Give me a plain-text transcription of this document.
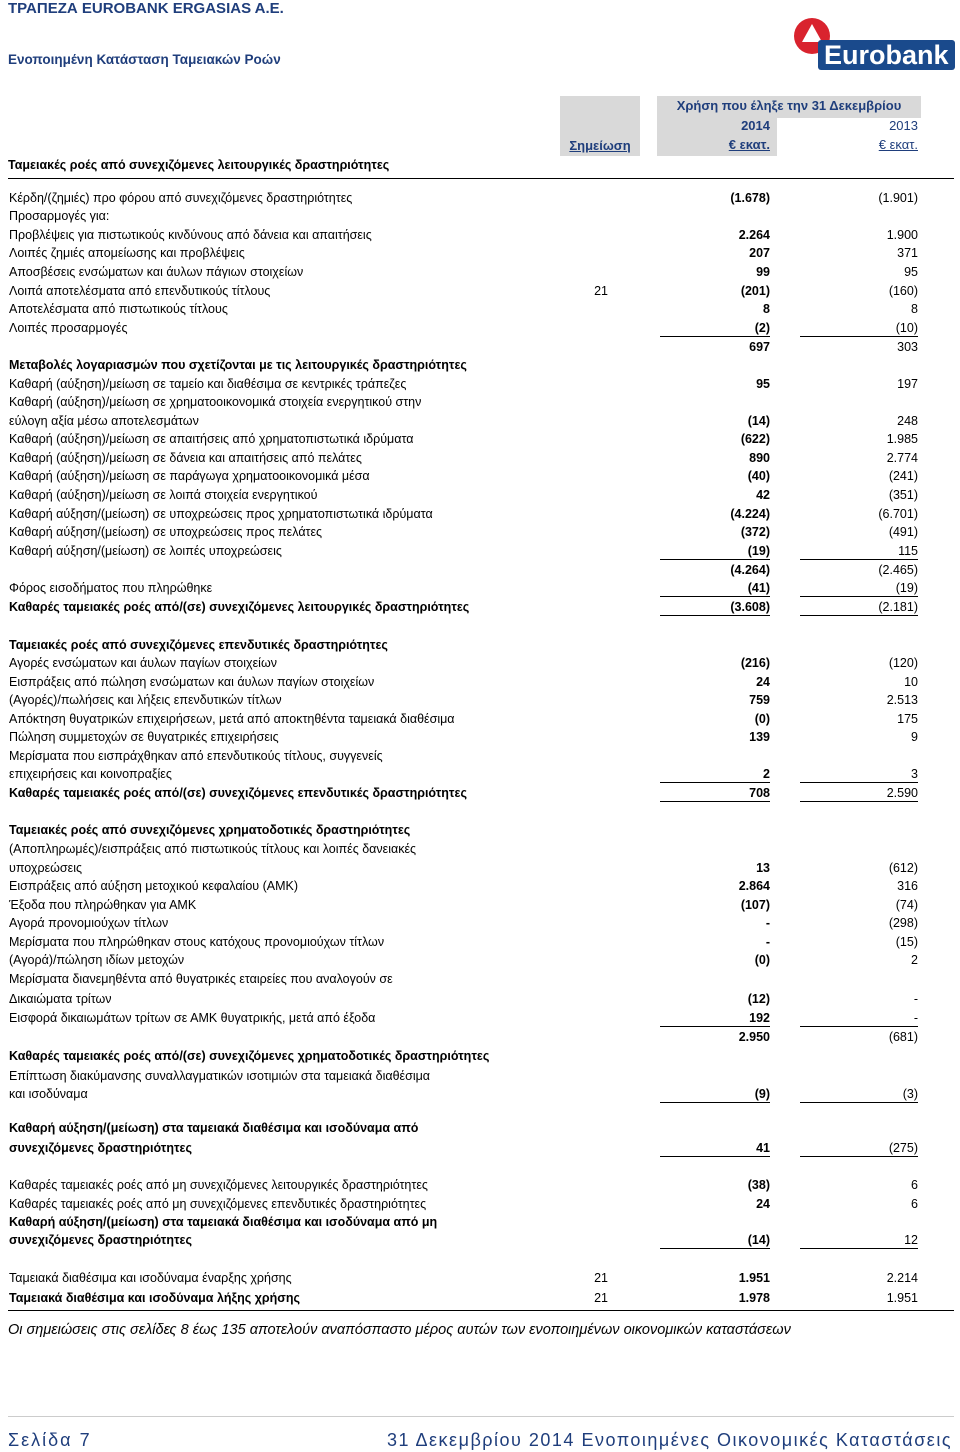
ΤΡΑΠΕΖΑ EUROBANK ERGASIAS A.E.
Ενοποιημένη Κατάσταση Ταμειακών Ροών	Eurobank
Χρήση που έληξε την 31 Δεκεμβρίου
Σημείωση
2014	2013
€ εκατ.	€ εκατ.
Ταμειακές ροές από συνεχιζόμενες λειτουργικές δραστηριότητες
Κέρδη/(ζημιές) προ φόρου από συνεχιζόμενες δραστηριότητες	(1.678)	(1.901)
Προσαρμογές για:
Προβλέψεις για πιστωτικούς κινδύνους από δάνεια και απαιτήσεις	2.264	1.900
Λοιπές ζημιές απομείωσης και προβλέψεις	207	371
Αποσβέσεις ενσώματων και άυλων πάγιων στοιχείων	99	95
Λοιπά αποτελέσματα από επενδυτικούς τίτλους	21	(201)	(160)
Αποτελέσματα από πιστωτικούς τίτλους	8	8
Λοιπές προσαρμογές	(2)	(10)
697	303
Μεταβολές λογαριασμών που σχετίζονται με τις λειτουργικές δραστηριότητες
Καθαρή (αύξηση)/μείωση σε ταμείο και διαθέσιμα σε κεντρικές τράπεζες	95	197
Καθαρή (αύξηση)/μείωση σε χρηματοοικονομικά στοιχεία ενεργητικού στην
εύλογη αξία μέσω αποτελεσμάτων	(14)	248
Καθαρή (αύξηση)/μείωση σε απαιτήσεις από χρηματοπιστωτικά ιδρύματα	(622)	1.985
Καθαρή (αύξηση)/μείωση σε δάνεια και απαιτήσεις από πελάτες	890	2.774
Καθαρή (αύξηση)/μείωση σε παράγωγα χρηματοοικονομικά μέσα	(40)	(241)
Καθαρή (αύξηση)/μείωση σε λοιπά στοιχεία ενεργητικού	42	(351)
Καθαρή αύξηση/(μείωση) σε υποχρεώσεις προς χρηματοπιστωτικά ιδρύματα	(4.224)	(6.701)
Καθαρή αύξηση/(μείωση) σε υποχρεώσεις προς πελάτες	(372)	(491)
Καθαρή αύξηση/(μείωση) σε λοιπές υποχρεώσεις	(19)	115
(4.264)	(2.465)
Φόρος εισοδήματος που πληρώθηκε	(41)	(19)
Καθαρές ταμειακές ροές από/(σε) συνεχιζόμενες λειτουργικές δραστηριότητες	(3.608)	(2.181)
Ταμειακές ροές από συνεχιζόμενες επενδυτικές δραστηριότητες
Αγορές ενσώματων και άυλων παγίων στοιχείων	(216)	(120)
Εισπράξεις από πώληση ενσώματων και άυλων παγίων στοιχείων	24	10
(Αγορές)/πωλήσεις και λήξεις επενδυτικών τίτλων	759	2.513
Απόκτηση θυγατρικών επιχειρήσεων, μετά από αποκτηθέντα ταμειακά διαθέσιμα	(0)	175
Πώληση συμμετοχών σε θυγατρικές επιχειρήσεις	139	9
Μερίσματα που εισπράχθηκαν από επενδυτικούς τίτλους, συγγενείς
επιχειρήσεις και κοινοπραξίες	2	3
Καθαρές ταμειακές ροές από/(σε) συνεχιζόμενες επενδυτικές δραστηριότητες	708	2.590
Ταμειακές ροές από συνεχιζόμενες χρηματοδοτικές δραστηριότητες
(Αποπληρωμές)/εισπράξεις από πιστωτικούς τίτλους και λοιπές δανειακές
υποχρεώσεις	13	(612)
Εισπράξεις από αύξηση μετοχικού κεφαλαίου (ΑΜΚ)	2.864	316
Έξοδα που πληρώθηκαν για ΑΜΚ	(107)	(74)
Αγορά προνομιούχων τίτλων	-	(298)
Μερίσματα που πληρώθηκαν στους κατόχους προνομιούχων τίτλων	-	(15)
(Αγορά)/πώληση ιδίων μετοχών	(0)	2
Μερίσματα διανεμηθέντα από θυγατρικές εταιρείες που αναλογούν σε
Δικαιώματα τρίτων	(12)	-
Εισφορά δικαιωμάτων τρίτων σε ΑΜΚ θυγατρικής, μετά από έξοδα	192	-
2.950	(681)
Καθαρές ταμειακές ροές από/(σε) συνεχιζόμενες χρηματοδοτικές δραστηριότητες
Επίπτωση διακύμανσης συναλλαγματικών ισοτιμιών στα ταμειακά διαθέσιμα
και ισοδύναμα	(9)	(3)
Καθαρή αύξηση/(μείωση) στα ταμειακά διαθέσιμα και ισοδύναμα από
συνεχιζόμενες δραστηριότητες	41	(275)
Καθαρές ταμειακές ροές από μη συνεχιζόμενες λειτουργικές δραστηριότητες	(38)	6
Καθαρές ταμειακές ροές από μη συνεχιζόμενες επενδυτικές δραστηριότητες	24	6
Καθαρή αύξηση/(μείωση) στα ταμειακά διαθέσιμα και ισοδύναμα από μη
συνεχιζόμενες δραστηριότητες	(14)	12
Ταμειακά διαθέσιμα και ισοδύναμα έναρξης χρήσης	21	1.951	2.214
Ταμειακά διαθέσιμα και ισοδύναμα λήξης χρήσης	21	1.978	1.951
Οι σημειώσεις στις σελίδες 8 έως 135 αποτελούν αναπόσπαστο μέρος αυτών των ενοποιημένων οικονομικών καταστάσεων
Σελίδα 7	31 Δεκεμβρίου 2014 Ενοποιημένες Οικονομικές Καταστάσεις
